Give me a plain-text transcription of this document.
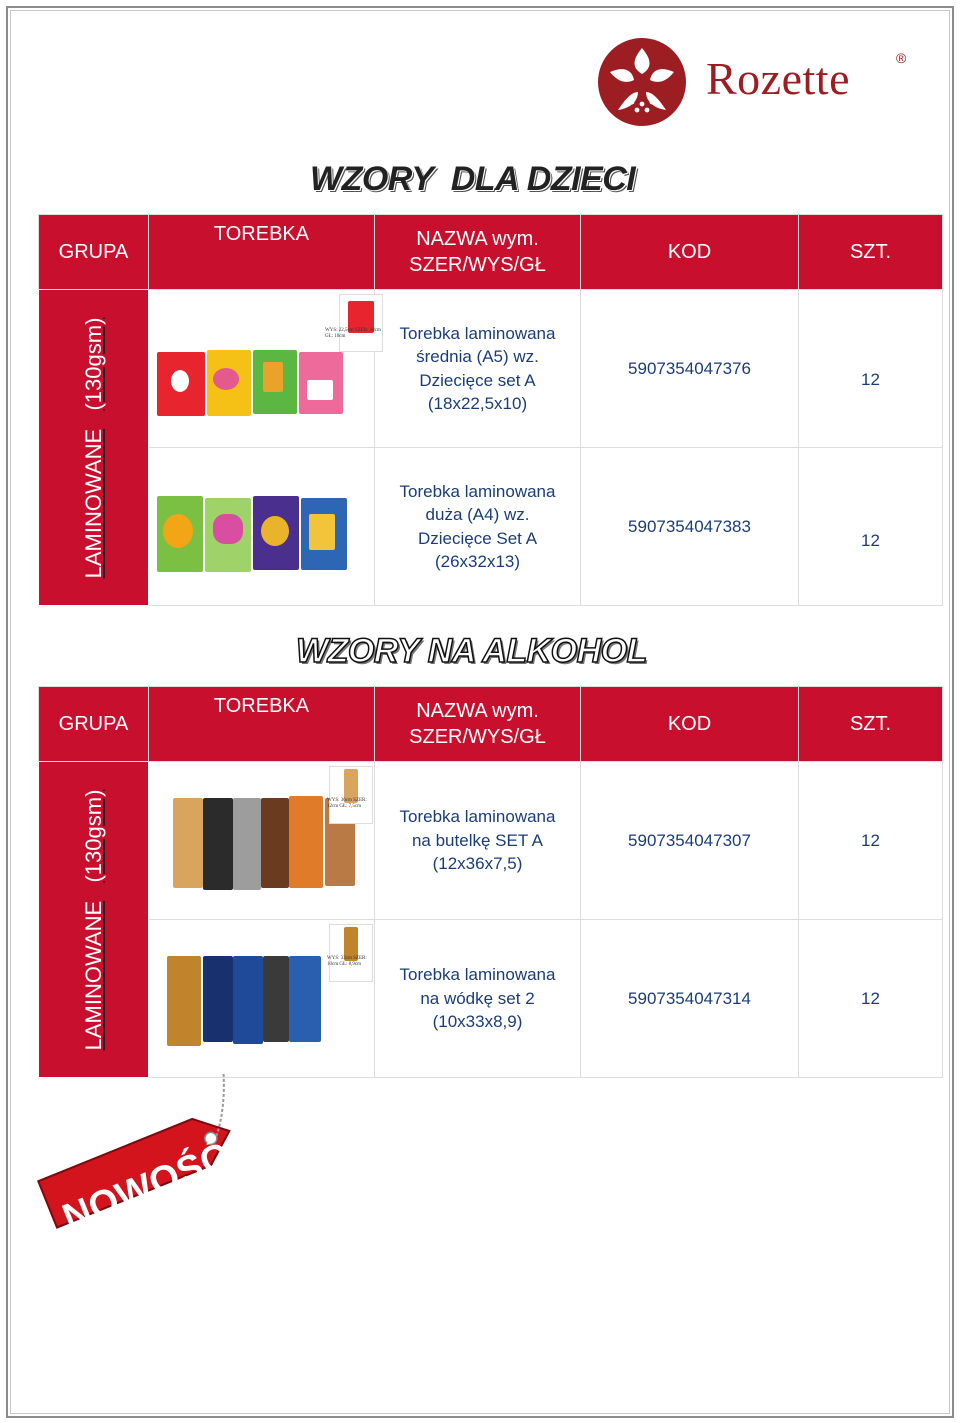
Rozette	®
WZORY  DLA DZIECI
GRUPA	TOREBKA	NAZWA wym. SZER/WYS/GŁ	KOD	SZT.

LAMINOWANE   (130gsm)	WYS: 22,5cm SZER: 18cm GŁ: 10cm	Torebka laminowana średnia (A5) wz. Dziecięce set A (18x22,5x10)	5907354047376	12

		Torebka laminowana duża (A4) wz. Dziecięce Set A (26x32x13)	5907354047383	12
WZORY NA ALKOHOL
GRUPA	TOREBKA	NAZWA wym. SZER/WYS/GŁ	KOD	SZT.

LAMINOWANE   (130gsm)	WYS: 36cm SZER: 12cm GŁ: 7,5cm	Torebka laminowana na butelkę SET A (12x36x7,5)	5907354047307	12

	WYS: 33cm SZER: 10cm GŁ: 8,9cm	Torebka laminowana na wódkę set 2 (10x33x8,9)	5907354047314	12
NOWOŚĆ
